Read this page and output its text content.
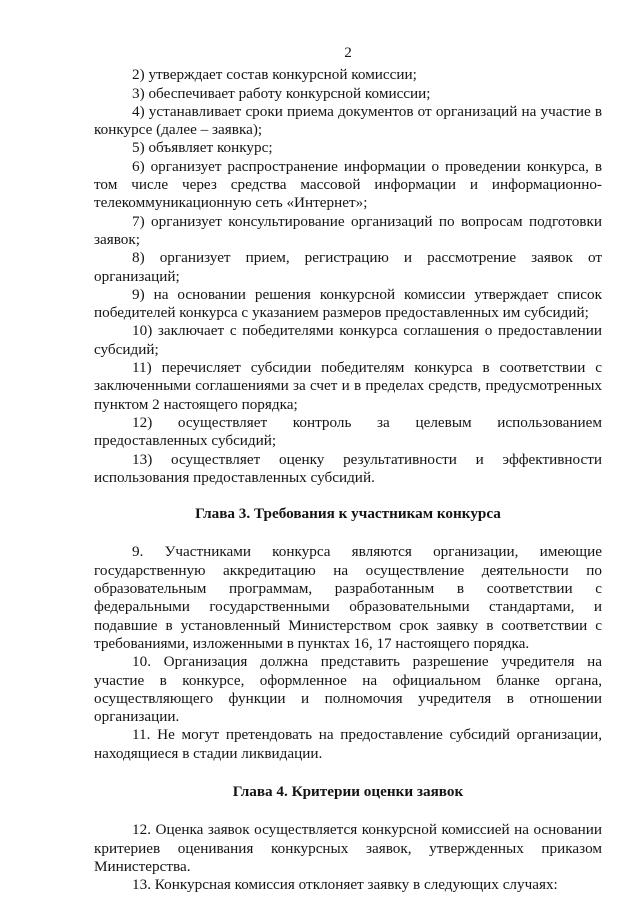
2

2) утверждает состав конкурсной комиссии;

3) обеспечивает работу конкурсной комиссии;

4) устанавливает сроки приема документов от организаций на участие в конкурсе (далее – заявка);

5) объявляет конкурс;

6) организует распространение информации о проведении конкурса, в том числе через средства массовой информации и информационно-телекоммуникационную сеть «Интернет»;

7) организует консультирование организаций по вопросам подготовки заявок;

8) организует прием, регистрацию и рассмотрение заявок от организаций;

9) на основании решения конкурсной комиссии утверждает список победителей конкурса с указанием размеров предоставленных им субсидий;

10) заключает с победителями конкурса соглашения о предоставлении субсидий;

11) перечисляет субсидии победителям конкурса в соответствии с заключенными соглашениями за счет и в пределах средств, предусмотренных пунктом 2 настоящего порядка;

12) осуществляет контроль за целевым использованием предоставленных субсидий;

13) осуществляет оценку результативности и эффективности использования предоставленных субсидий.

Глава 3. Требования к участникам конкурса

9. Участниками конкурса являются организации, имеющие государственную аккредитацию на осуществление деятельности по образовательным программам, разработанным в соответствии с федеральными государственными образовательными стандартами, и подавшие в установленный Министерством срок заявку в соответствии с требованиями, изложенными в пунктах 16, 17 настоящего порядка.

10. Организация должна представить разрешение учредителя на участие в конкурсе, оформленное на официальном бланке органа, осуществляющего функции и полномочия учредителя в отношении организации.

11. Не могут претендовать на предоставление субсидий организации, находящиеся в стадии ликвидации.

Глава 4. Критерии оценки заявок

12. Оценка заявок осуществляется конкурсной комиссией на основании критериев оценивания конкурсных заявок, утвержденных приказом Министерства.

13. Конкурсная комиссия отклоняет заявку в следующих случаях:
